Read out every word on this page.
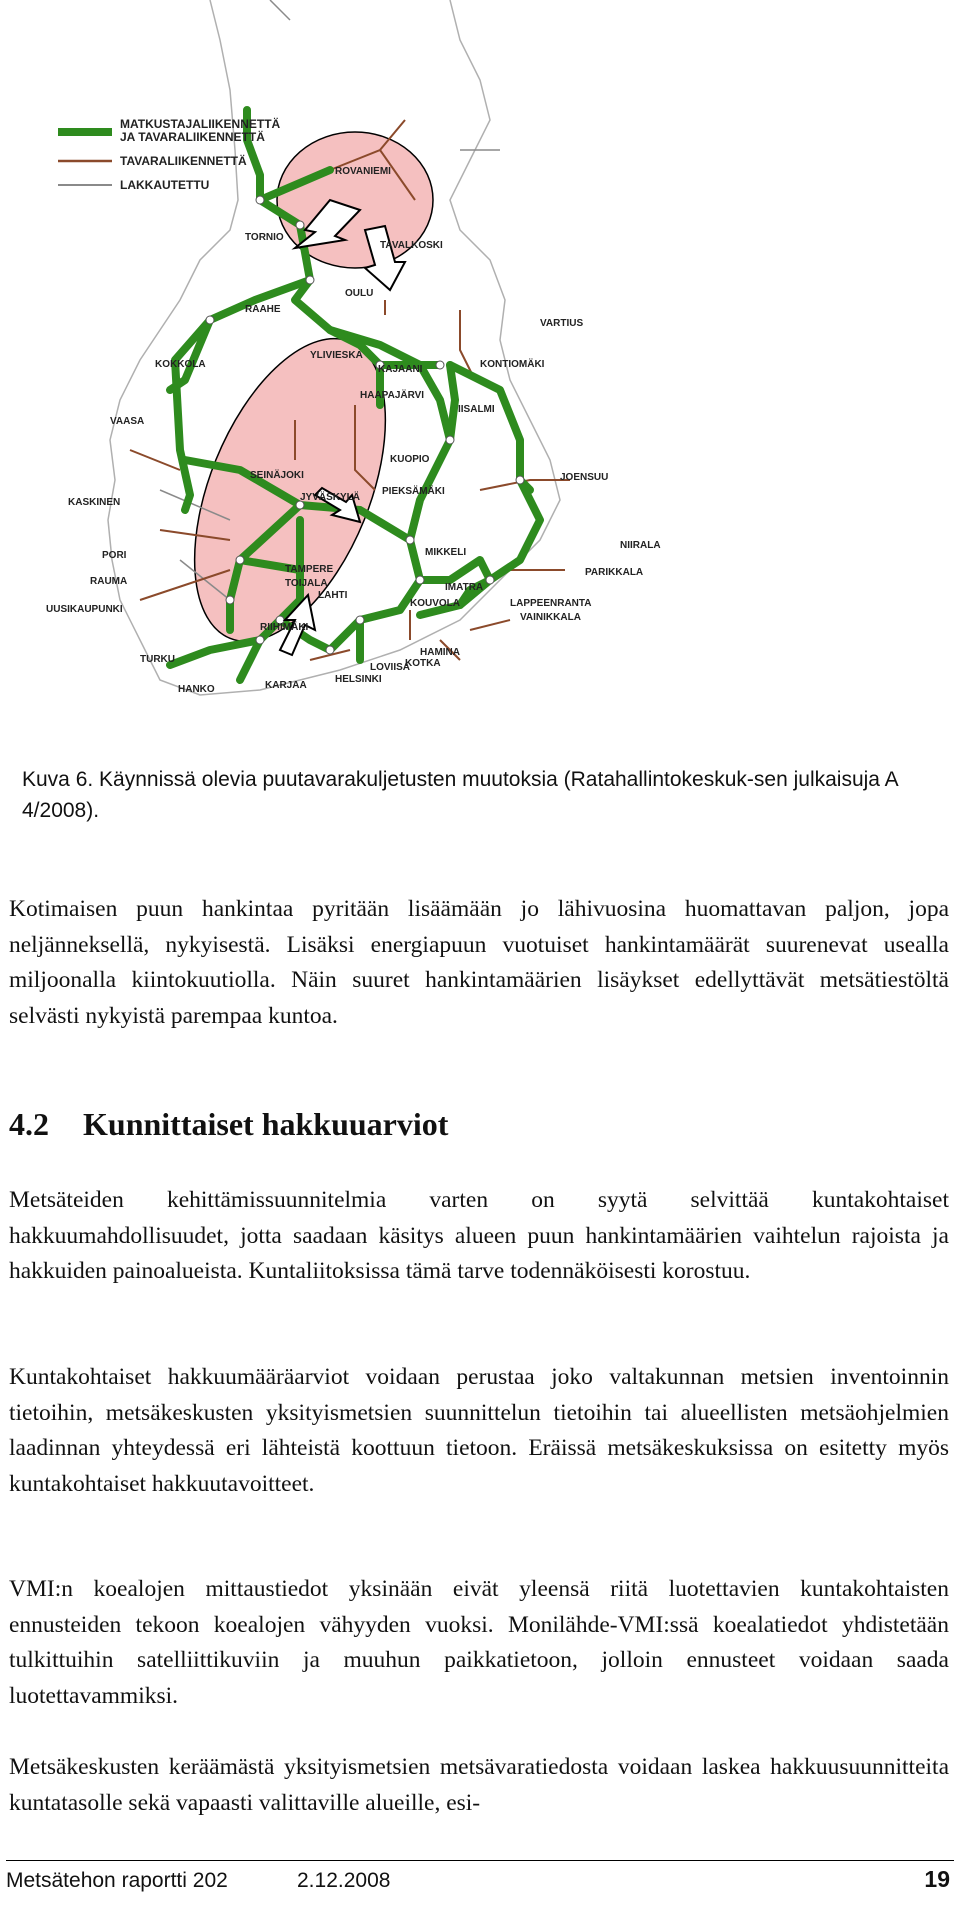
MATKUSTAJALIIKENNETTÄ
JA TAVARALIIKENNETTÄ
TAVARALIIKENNETTÄ
LAKKAUTETTU
ROVANIEMI
TORNIO
TAVALKOSKI
OULU
RAAHE
VARTIUS
KOKKOLA
YLIVIESKA
KAJAANI	KONTIOMÄKI
HAAPAJÄRVI
IISALMI
VAASA
KUOPIO
SEINÄJOKI	JOENSUU
KASKINEN	JYVÄSKYLÄ
PIEKSÄMÄKI
NIIRALA
PORI	MIKKELI
PARIKKALA
RAUMA
TAMPERE
IMATRA
TOIJALA
LAHTI
KOUVOLA	LAPPEENRANTA
VAINIKKALA
UUSIKAUPUNKI
RIIHIMÄKI
HAMINA
KOTKA
LOVIISA
TURKU
HELSINKI
HANKO	KARJAA
Kuva 6. Käynnissä olevia puutavarakuljetusten muutoksia (Ratahallintokeskuk-sen julkaisuja A 4/2008).

Kotimaisen puun hankintaa pyritään lisäämään jo lähivuosina huomattavan paljon, jopa neljänneksellä, nykyisestä. Lisäksi energiapuun vuotuiset hankintamäärät suurenevat usealla miljoonalla kiintokuutiolla. Näin suuret hankintamäärien lisäykset edellyttävät metsätiestöltä selvästi nykyistä parempaa kuntoa.

4.2 Kunnittaiset hakkuuarviot

Metsäteiden kehittämissuunnitelmia varten on syytä selvittää kuntakohtaiset hakkuumahdollisuudet, jotta saadaan käsitys alueen puun hankintamäärien vaihtelun rajoista ja hakkuiden painoalueista. Kuntaliitoksissa tämä tarve todennäköisesti korostuu.

Kuntakohtaiset hakkuumääräarviot voidaan perustaa joko valtakunnan metsien inventoinnin tietoihin, metsäkeskusten yksityismetsien suunnittelun tietoihin tai alueellisten metsäohjelmien laadinnan yhteydessä eri lähteistä koottuun tietoon. Eräissä metsäkeskuksissa on esitetty myös kuntakohtaiset hakkuutavoitteet.

VMI:n koealojen mittaustiedot yksinään eivät yleensä riitä luotettavien kuntakohtaisten ennusteiden tekoon koealojen vähyyden vuoksi. Monilähde-VMI:ssä koealatiedot yhdistetään tulkittuihin satelliittikuviin ja muuhun paikkatietoon, jolloin ennusteet voidaan saada luotettavammiksi.

Metsäkeskusten keräämästä yksityismetsien metsävaratiedosta voidaan laskea hakkuusuunnitteita kuntatasolle sekä vapaasti valittaville alueille, esi-

Metsätehon raportti 202	2.12.2008	19
